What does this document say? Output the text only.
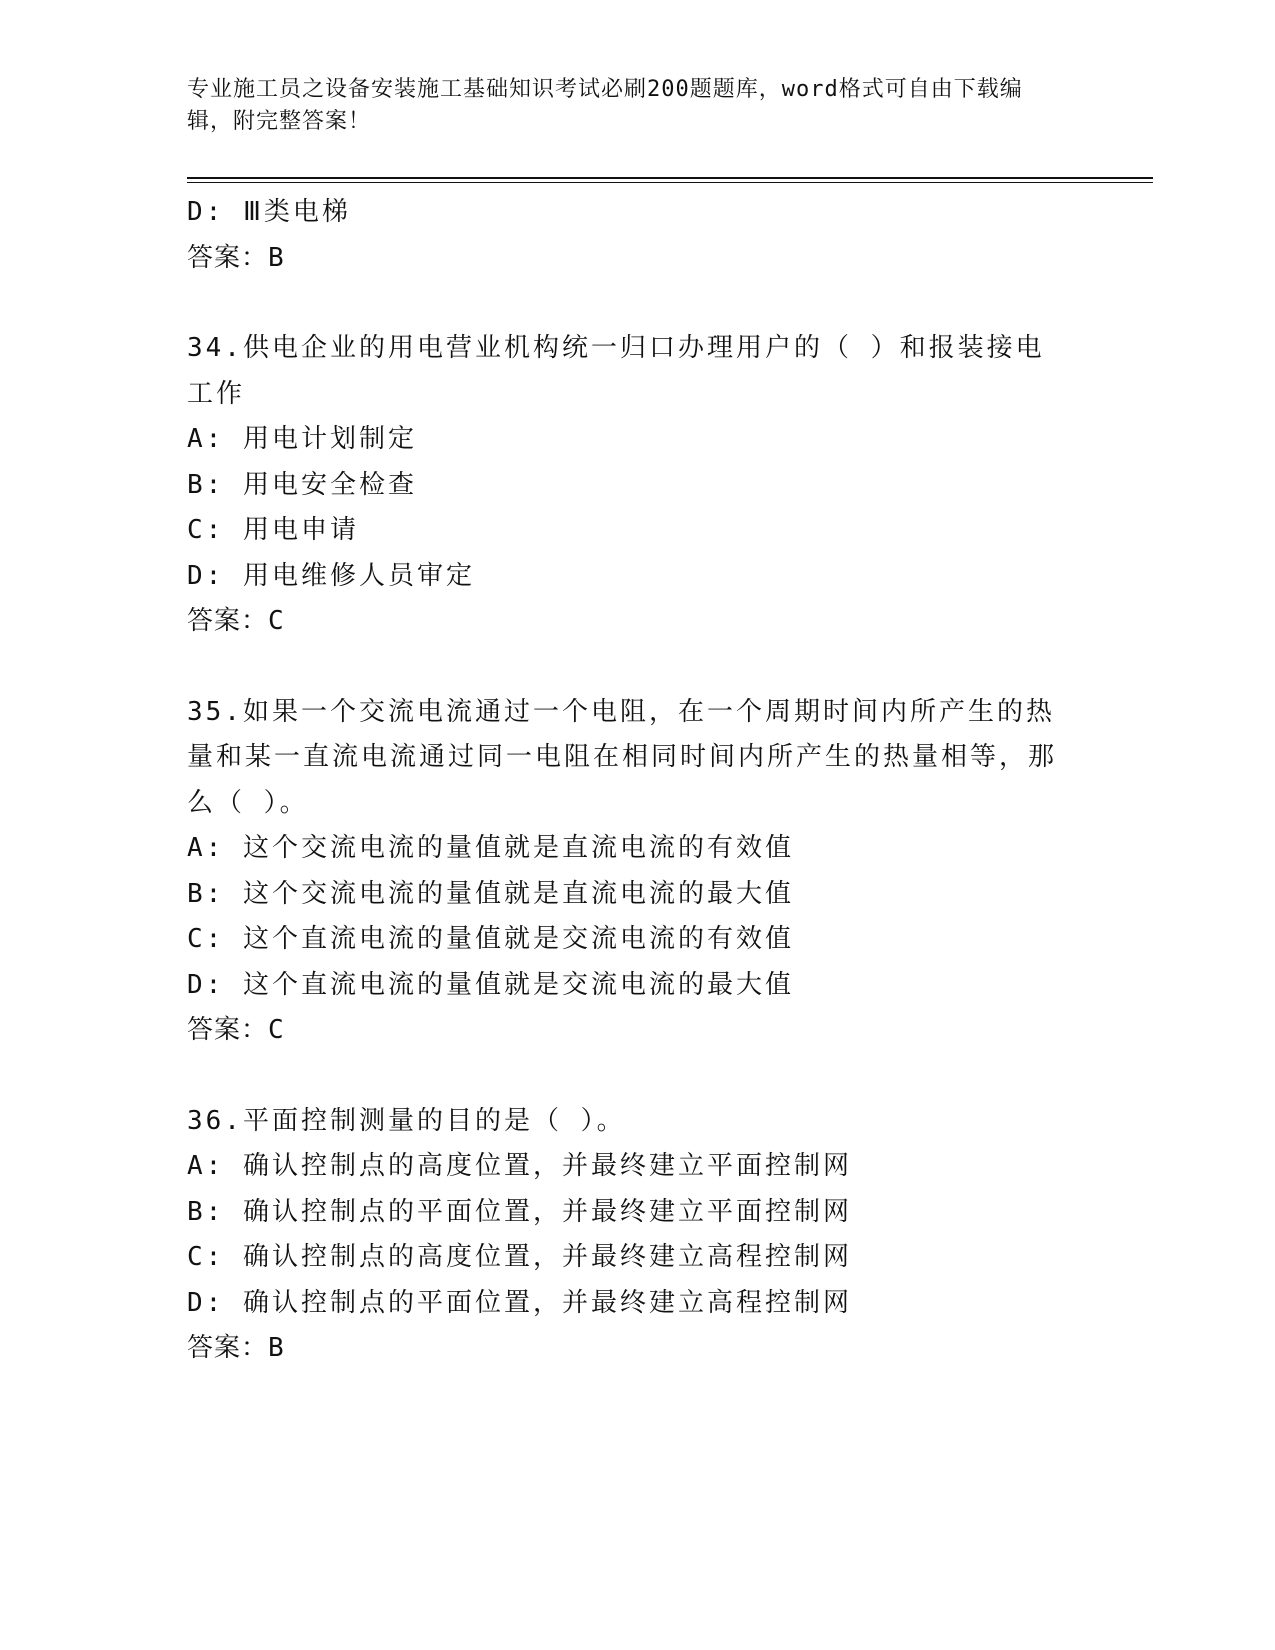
专业施工员之设备安装施工基础知识考试必刷200题题库，word格式可自由下载编辑，附完整答案！
D: Ⅲ类电梯
答案：B
34.供电企业的用电营业机构统一归口办理用户的（ ）和报装接电工作
A: 用电计划制定
B: 用电安全检查
C: 用电申请
D: 用电维修人员审定
答案：C
35.如果一个交流电流通过一个电阻，在一个周期时间内所产生的热量和某一直流电流通过同一电阻在相同时间内所产生的热量相等，那么（ ）。
A: 这个交流电流的量值就是直流电流的有效值
B: 这个交流电流的量值就是直流电流的最大值
C: 这个直流电流的量值就是交流电流的有效值
D: 这个直流电流的量值就是交流电流的最大值
答案：C
36.平面控制测量的目的是（ ）。
A: 确认控制点的高度位置，并最终建立平面控制网
B: 确认控制点的平面位置，并最终建立平面控制网
C: 确认控制点的高度位置，并最终建立高程控制网
D: 确认控制点的平面位置，并最终建立高程控制网
答案：B
